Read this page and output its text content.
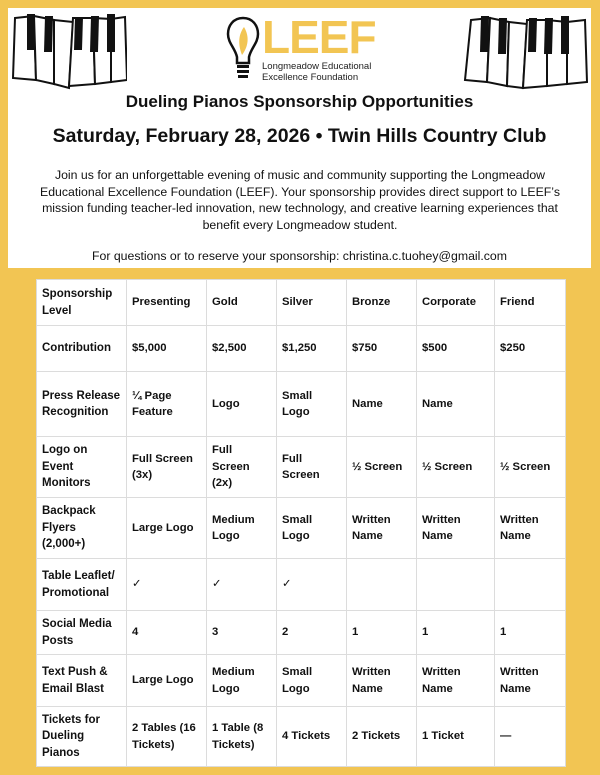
LEEF
Longmeadow Educational
Excellence Foundation
Dueling Pianos Sponsorship Opportunities
Saturday, February 28, 2026 • Twin Hills Country Club
Join us for an unforgettable evening of music and community supporting the Longmeadow Educational Excellence Foundation (LEEF). Your sponsorship provides direct support to LEEF’s mission funding teacher-led innovation, new technology, and creative learning experiences that benefit every Longmeadow student.
For questions or to reserve your sponsorship: christina.c.tuohey@gmail.com
Sponsorship Level	Presenting	Gold	Silver	Bronze	Corporate	Friend
Contribution	$5,000	$2,500	$1,250	$750	$500	$250
Press Release Recognition	¼ Page Feature	Logo	Small Logo	Name	Name	
Logo on Event Monitors	Full Screen (3x)	Full Screen (2x)	Full Screen	½ Screen	½ Screen	½ Screen
Backpack Flyers (2,000+)	Large Logo	Medium Logo	Small Logo	Written Name	Written Name	Written Name
Table Leaflet/ Promotional	✓	✓	✓			
Social Media Posts	4	3	2	1	1	1
Text Push & Email Blast	Large Logo	Medium Logo	Small Logo	Written Name	Written Name	Written Name
Tickets for Dueling Pianos	2 Tables (16 Tickets)	1 Table (8 Tickets)	4 Tickets	2 Tickets	1 Ticket	—
